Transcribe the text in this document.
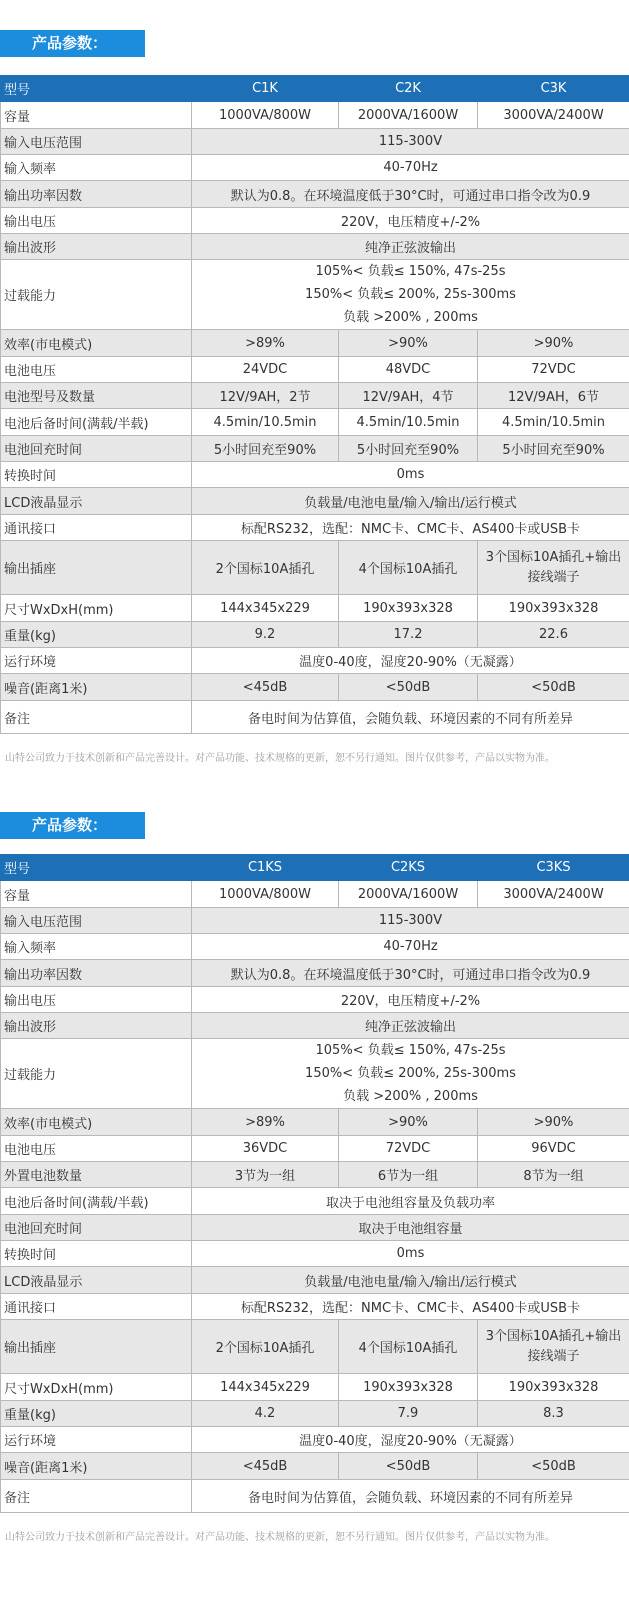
产品参数：
型号	C1K	C2K	C3K
容量	1000VA/800W	2000VA/1600W	3000VA/2400W
输入电压范围	115-300V		
输入频率	40-70Hz		
输出功率因数	默认为0.8。在环境温度低于30°C时，可通过串口指令改为0.9		
输出电压	220V，电压精度+/-2%		
输出波形	纯净正弦波输出		
过载能力	105%< 负载≤ 150%, 47s-25s
150%< 负载≤ 200%, 25s-300ms
负载 >200% , 200ms		

效率(市电模式)	>89%	>90%	>90%
电池电压	24VDC	48VDC	72VDC
电池型号及数量	12V/9AH，2节	12V/9AH，4节	12V/9AH，6节
电池后备时间(满载/半载)	4.5min/10.5min	4.5min/10.5min	4.5min/10.5min
电池回充时间	5小时回充至90%	5小时回充至90%	5小时回充至90%
转换时间	0ms		
LCD液晶显示	负载量/电池电量/输入/输出/运行模式		
通讯接口	标配RS232，选配：NMC卡、CMC卡、AS400卡或USB卡		
输出插座	2个国标10A插孔	4个国标10A插孔	3个国标10A插孔+输出接线端子
尺寸WxDxH(mm)	144x345x229	190x393x328	190x393x328
重量(kg)	9.2	17.2	22.6
运行环境	温度0-40度，湿度20-90%（无凝露）		
噪音(距离1米)	<45dB	<50dB	<50dB
备注	备电时间为估算值，会随负载、环境因素的不同有所差异		
山特公司致力于技术创新和产品完善设计。对产品功能、技术规格的更新，恕不另行通知。图片仅供参考，产品以实物为准。
产品参数：
型号	C1KS	C2KS	C3KS
容量	1000VA/800W	2000VA/1600W	3000VA/2400W
输入电压范围	115-300V		
输入频率	40-70Hz		
输出功率因数	默认为0.8。在环境温度低于30°C时，可通过串口指令改为0.9		
输出电压	220V，电压精度+/-2%		
输出波形	纯净正弦波输出		
过载能力	105%< 负载≤ 150%, 47s-25s
150%< 负载≤ 200%, 25s-300ms
负载 >200% , 200ms		

效率(市电模式)	>89%	>90%	>90%
电池电压	36VDC	72VDC	96VDC
外置电池数量	3节为一组	6节为一组	8节为一组
电池后备时间(满载/半载)	取决于电池组容量及负载功率		
电池回充时间	取决于电池组容量		
转换时间	0ms		
LCD液晶显示	负载量/电池电量/输入/输出/运行模式		
通讯接口	标配RS232，选配：NMC卡、CMC卡、AS400卡或USB卡		
输出插座	2个国标10A插孔	4个国标10A插孔	3个国标10A插孔+输出接线端子
尺寸WxDxH(mm)	144x345x229	190x393x328	190x393x328
重量(kg)	4.2	7.9	8.3
运行环境	温度0-40度，湿度20-90%（无凝露）		
噪音(距离1米)	<45dB	<50dB	<50dB
备注	备电时间为估算值，会随负载、环境因素的不同有所差异		
山特公司致力于技术创新和产品完善设计。对产品功能、技术规格的更新，恕不另行通知。图片仅供参考，产品以实物为准。
